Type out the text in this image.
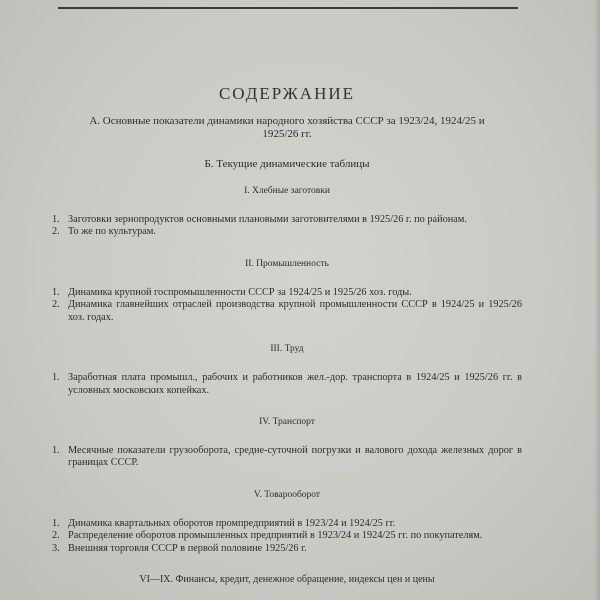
СОДЕРЖАНИЕ
А. Основные показатели динамики народного хозяйства СССР за 1923/24, 1924/25 и 1925/26 гг.
Б. Текущие динамические таблицы
I. Хлебные заготовки
1. Заготовки зернопродуктов основными плановыми заготовителями в 1925/26 г. по районам.
2. То же по культурам.
II. Промышленность
1. Динамика крупной госпромышленности СССР за 1924/25 и 1925/26 хоз. годы.
2. Динамика главнейших отраслей производства крупной промышленности СССР в 1924/25 и 1925/26 хоз. годах.
III. Труд
1. Заработная плата промышл., рабочих и работников жел.-дор. транспорта в 1924/25 и 1925/26 гг. в условных московских копейках.
IV. Транспорт
1. Месячные показатели грузооборота, средне-суточной погрузки и валового дохода железных дорог в границах СССР.
V. Товарооборот
1. Динамика квартальных оборотов промпредприятий в 1923/24 и 1924/25 гг.
2. Распределение оборотов промышленных предприятий в 1923/24 и 1924/25 гг. по покупателям.
3. Внешняя торговля СССР в первой половине 1925/26 г.
VI—IX. Финансы, кредит, денежное обращение, индексы цен и цены
